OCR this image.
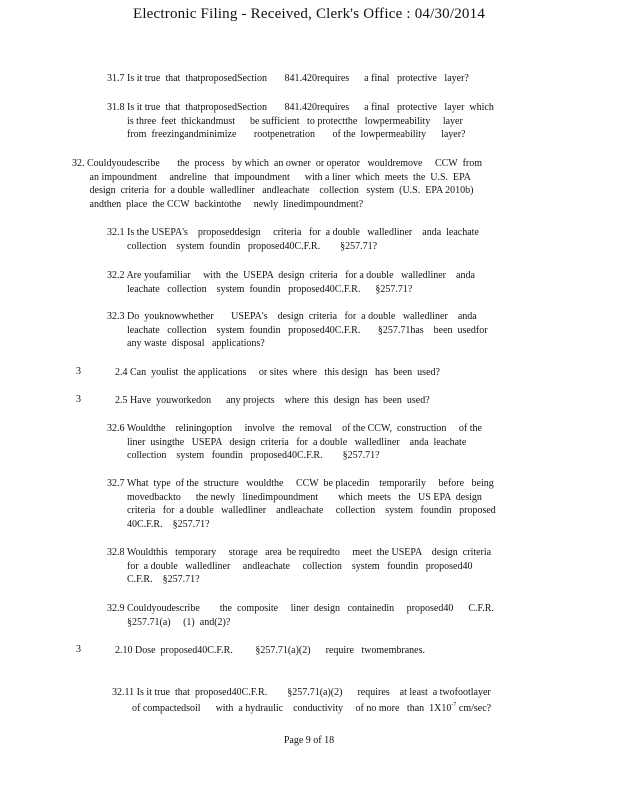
Electronic Filing - Received, Clerk's Office : 04/30/2014
31.7 Is it true  that  thatproposedSection       841.420requires      a final   protective   layer?
31.8 Is it true  that  thatproposedSection       841.420requires      a final   protective   layer  which
is three  feet  thickandmust      be sufficient   to protectthe   lowpermeability     layer
from  freezingandminimize       rootpenetration       of the  lowpermeability      layer?
32. Couldyoudescribe       the  process   by which  an owner  or operator   wouldremove     CCW  from
an impoundment     andreline   that  impoundment      with a liner  which  meets  the  U.S.  EPA
design  criteria  for  a double  walledliner   andleachate    collection   system  (U.S.  EPA 2010b)
andthen  place  the CCW  backintothe     newly  linedimpoundment?
32.1 Is the USEPA's    proposeddesign     criteria   for  a double   walledliner    anda  leachate
collection    system  foundin   proposed40C.F.R.        §257.71?
32.2 Are youfamiliar     with  the  USEPA  design  criteria   for a double   walledliner    anda
leachate   collection    system  foundin   proposed40C.F.R.      §257.71?
32.3 Do  youknowwhether       USEPA's    design  criteria   for  a double   walledliner    anda
leachate   collection    system  foundin   proposed40C.F.R.       §257.71has    been  usedfor
any waste  disposal   applications?
3	2.4 Can  youlist  the applications     or sites  where   this design   has  been  used?
3	2.5 Have  youworkedon      any projects    where  this  design  has  been  used?
32.6 Wouldthe    reliningoption     involve   the  removal    of the CCW,  construction     of the
liner  usingthe   USEPA   design  criteria   for  a double   walledliner    anda  leachate
collection    system   foundin   proposed40C.F.R.        §257.71?
32.7 What  type  of the  structure   wouldthe     CCW  be placedin    temporarily     before   being
movedbackto      the newly   linedimpoundment        which  meets   the   US EPA  design
criteria   for  a double   walledliner    andleachate     collection    system   foundin   proposed
40C.F.R.    §257.71?
32.8 Wouldthis   temporary     storage   area  be requiredto     meet  the USEPA    design  criteria
for  a double   walledliner     andleachate     collection    system   foundin   proposed40
C.F.R.    §257.71?
32.9 Couldyoudescribe        the  composite     liner  design   containedin     proposed40      C.F.R.
§257.71(a)     (1)  and(2)?
3	2.10 Dose  proposed40C.F.R.         §257.71(a)(2)      require   twomembranes.

32.11 Is it true  that  proposed40C.F.R.        §257.71(a)(2)      requires    at least  a twofootlayer
of compactedsoil      with  a hydraulic    conductivity     of no more   than  $1X10^{-7}$ cm/sec?

Page 9 of 18
